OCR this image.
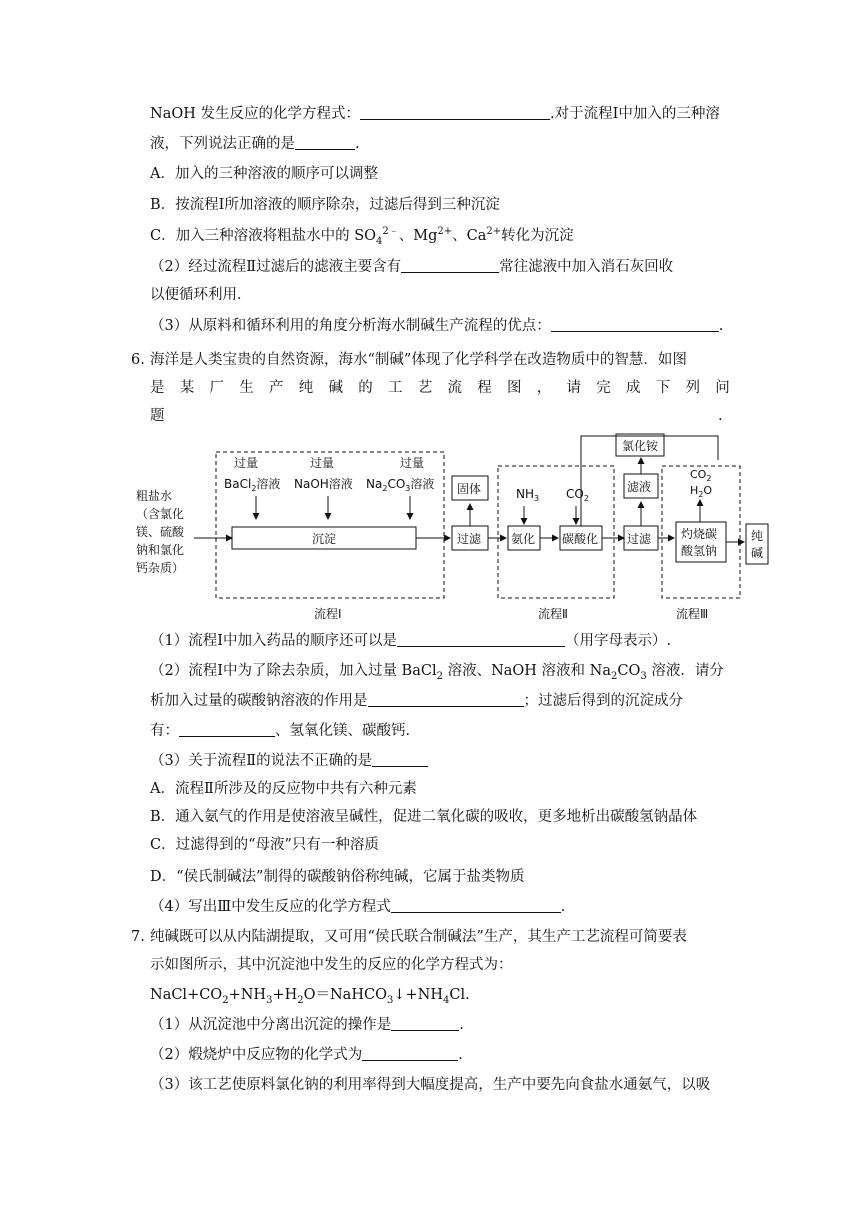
NaOH 发生反应的化学方程式：	.对于流程Ⅰ中加入的三种溶
液，下列说法正确的是	.
A．加入的三种溶液的顺序可以调整
B．按流程Ⅰ所加溶液的顺序除杂，过滤后得到三种沉淀
C．加入三种溶液将粗盐水中的 $SO_4^{2﹣}$、$Mg^{2+}$、$Ca^{2+}$转化为沉淀
（2）经过流程Ⅱ过滤后的滤液主要含有	常往滤液中加入消石灰回收
以便循环利用．
（3）从原料和循环利用的角度分析海水制碱生产流程的优点：	.
6. 海洋是人类宝贵的自然资源，海水“制碱”体现了化学科学在改造物质中的智慧．如图
是 某 厂 生 产 纯 碱 的 工 艺 流 程 图 ， 请 完 成 下 列 问
题	.
粗盐水
（含氯化
镁、硫酸
钠和氯化
钙杂质）
过量	过量	过量
BaCl$_2$溶液 NaOH溶液 $Na_2CO_3$溶液
沉淀
流程Ⅰ
固体
过滤
$NH_3$ $CO_2$
氨化 碳酸化
流程Ⅱ
氯化铵
滤液
过滤
$CO_2$
$H_2O$
灼烧碳
酸氢钠
纯
碱
流程Ⅲ
（1）流程Ⅰ中加入药品的顺序还可以是	（用字母表示）.
（2）流程Ⅰ中为了除去杂质，加入过量 BaCl$_2$ 溶液、NaOH 溶液和 $Na_2CO_3$ 溶液．请分
析加入过量的碳酸钠溶液的作用是	；过滤后得到的沉淀成分
有：	、氢氧化镁、碳酸钙．
（3）关于流程Ⅱ的说法不正确的是
A．流程Ⅱ所涉及的反应物中共有六种元素
B．通入氨气的作用是使溶液呈碱性，促进二氧化碳的吸收，更多地析出碳酸氢钠晶体
C．过滤得到的“母液”只有一种溶质
D．“侯氏制碱法”制得的碳酸钠俗称纯碱，它属于盐类物质
（4）写出Ⅲ中发生反应的化学方程式	.
7. 纯碱既可以从内陆湖提取，又可用“侯氏联合制碱法”生产，其生产工艺流程可简要表
示如图所示，其中沉淀池中发生的反应的化学方程式为：
$NaCl+CO_2+NH_3+H_2O=NaHCO_3↓+NH_4Cl$.
（1）从沉淀池中分离出沉淀的操作是	.
（2）煅烧炉中反应物的化学式为	.
（3）该工艺使原料氯化钠的利用率得到大幅度提高，生产中要先向食盐水通氨气，以吸
